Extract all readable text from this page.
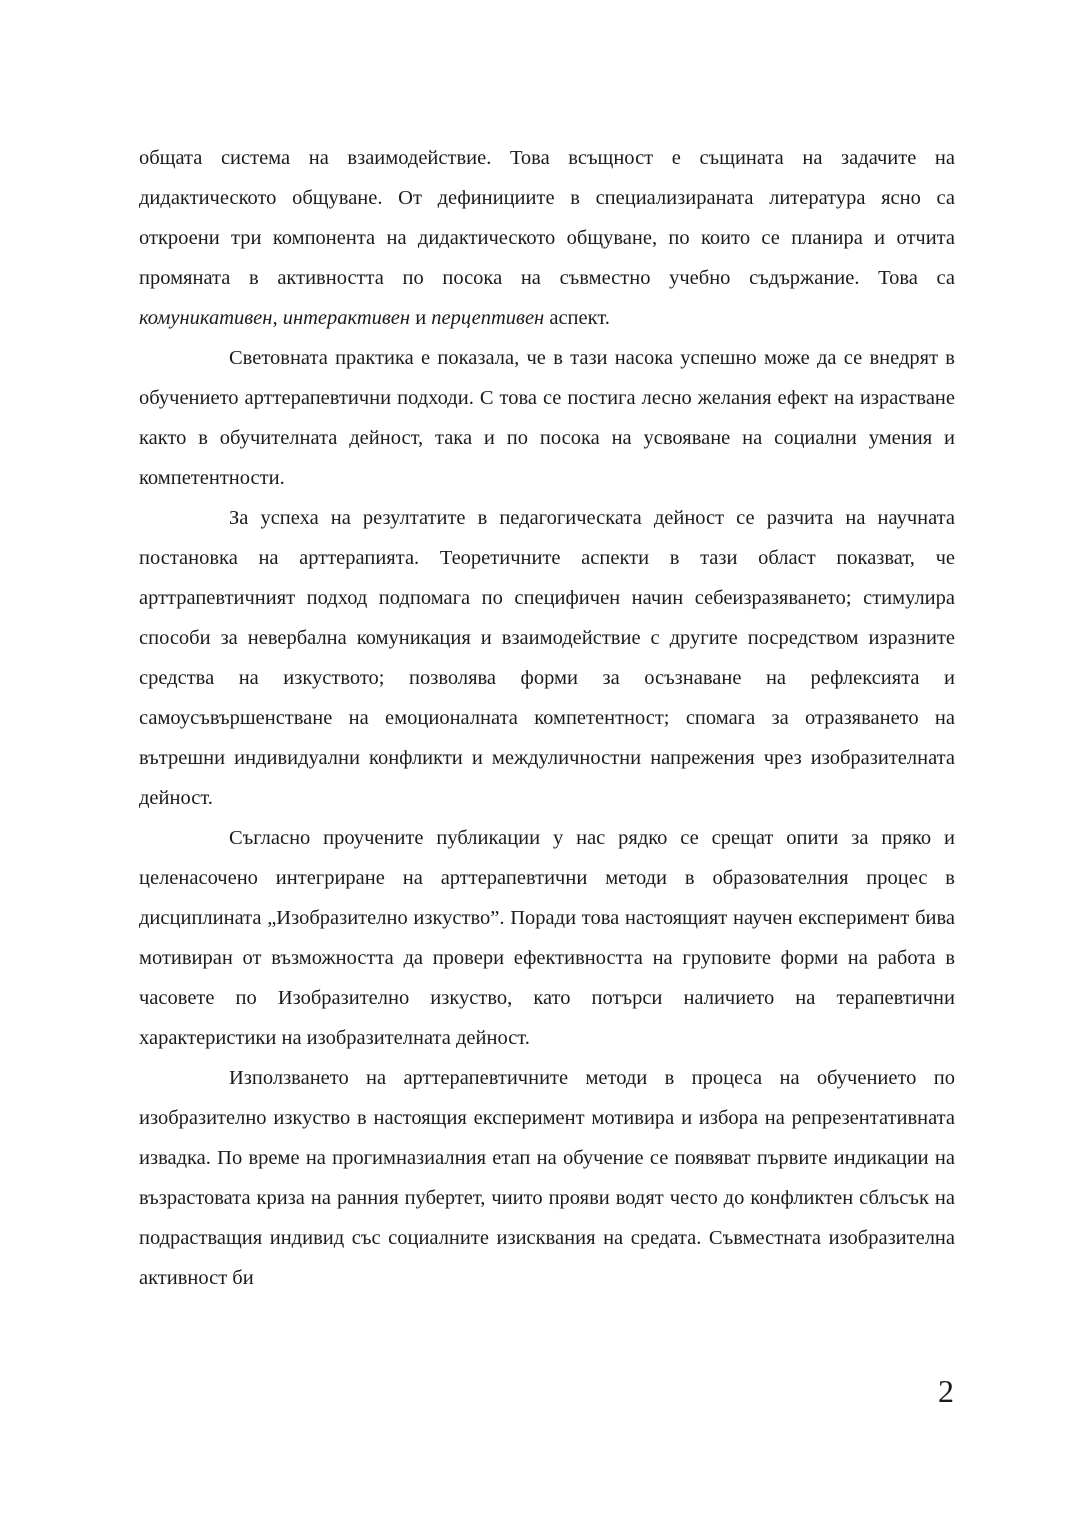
общата система на взаимодействие. Това всъщност е същината на задачите на дидактическото общуване. От дефинициите в специализираната литература ясно са откроени три компонента на дидактическото общуване, по които се планира и отчита промяната в активността по посока на съвместно учебно съдържание. Това са комуникативен, интерактивен и перцептивен аспект.

Световната практика е показала, че в тази насока успешно може да се внедрят в обучението арттерапевтични подходи. С това се постига лесно желания ефект на израстване както в обучителната дейност, така и по посока на усвояване на социални умения и компетентности.

За успеха на резултатите в педагогическата дейност се разчита на научната постановка на арттерапията. Теоретичните аспекти в тази област показват, че арттрапевтичният подход подпомага по специфичен начин себеизразяването; стимулира способи за невербална комуникация и взаимодействие с другите посредством изразните средства на изкуството; позволява форми за осъзнаване на рефлексията и самоусъвършенстване на емоционалната компетентност; спомага за отразяването на вътрешни индивидуални конфликти и междуличностни напрежения чрез изобразителната дейност.

Съгласно проучените публикации у нас рядко се срещат опити за пряко и целенасочено интегриране на арттерапевтични методи в образователния процес в дисциплината „Изобразително изкуство”. Поради това настоящият научен експеримент бива мотивиран от възможността да провери ефективността на груповите форми на работа в часовете по Изобразително изкуство, като потърси наличието на терапевтични характеристики на изобразителната дейност.

Използването на арттерапевтичните методи в процеса на обучението по изобразително изкуство в настоящия експеримент мотивира и избора на репрезентативната извадка. По време на прогимназиалния етап на обучение се появяват първите индикации на възрастовата криза на ранния пубертет, чиито прояви водят често до конфликтен сблъсък на подрастващия индивид със социалните изисквания на средата. Съвместната изобразителна активност би

2
